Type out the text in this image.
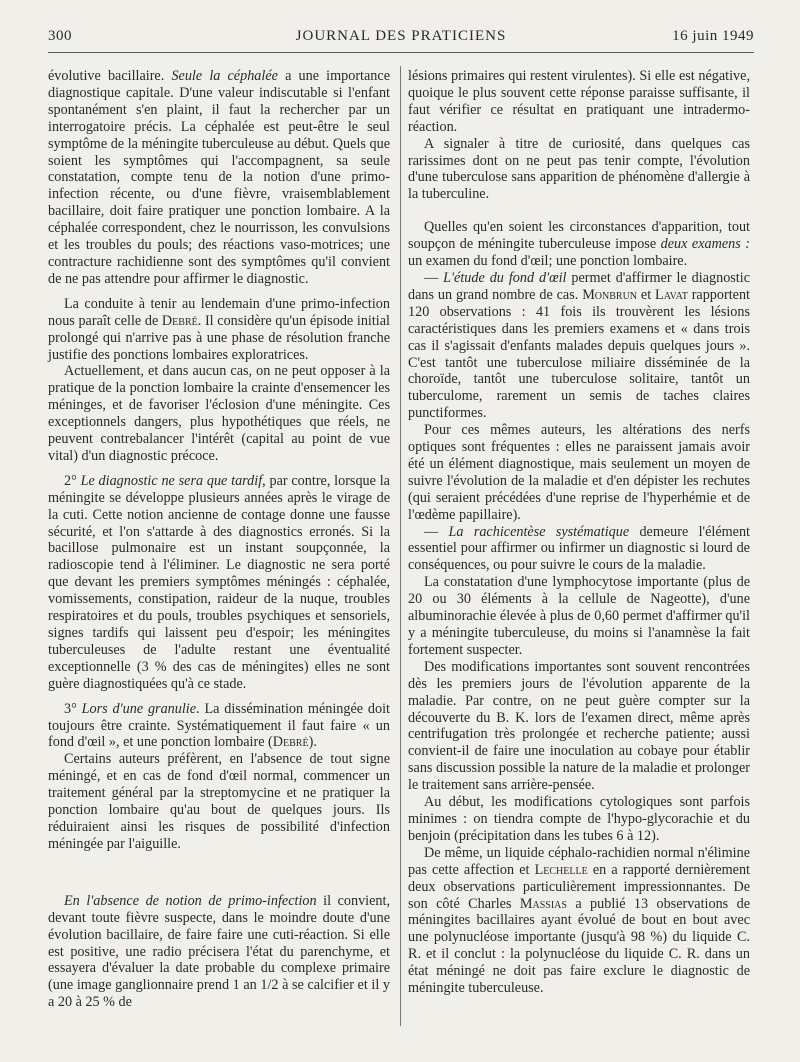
300	JOURNAL DES PRATICIENS	16 juin 1949

évolutive bacillaire. Seule la céphalée a une importance diagnostique capitale. D'une valeur indiscutable si l'enfant spontanément s'en plaint, il faut la rechercher par un interrogatoire précis. La céphalée est peut-être le seul symptôme de la méningite tuberculeuse au début. Quels que soient les symptômes qui l'accompagnent, sa seule constatation, compte tenu de la notion d'une primo-infection récente, ou d'une fièvre, vraisemblablement bacillaire, doit faire pratiquer une ponction lombaire. A la céphalée correspondent, chez le nourrisson, les convulsions et les troubles du pouls; des réactions vaso-motrices; une contracture rachidienne sont des symptômes qu'il convient de ne pas attendre pour affirmer le diagnostic.

La conduite à tenir au lendemain d'une primo-infection nous paraît celle de Debré. Il considère qu'un épisode initial prolongé qui n'arrive pas à une phase de résolution franche justifie des ponctions lombaires exploratrices.

Actuellement, et dans aucun cas, on ne peut opposer à la pratique de la ponction lombaire la crainte d'ensemencer les méninges, et de favoriser l'éclosion d'une méningite. Ces exceptionnels dangers, plus hypothétiques que réels, ne peuvent contrebalancer l'intérêt (capital au point de vue vital) d'un diagnostic précoce.

2° Le diagnostic ne sera que tardif, par contre, lorsque la méningite se développe plusieurs années après le virage de la cuti. Cette notion ancienne de contage donne une fausse sécurité, et l'on s'attarde à des diagnostics erronés. Si la bacillose pulmonaire est un instant soupçonnée, la radioscopie tend à l'éliminer. Le diagnostic ne sera porté que devant les premiers symptômes méningés : céphalée, vomissements, constipation, raideur de la nuque, troubles respiratoires et du pouls, troubles psychiques et sensoriels, signes tardifs qui laissent peu d'espoir; les méningites tuberculeuses de l'adulte restant une éventualité exceptionnelle (3 % des cas de méningites) elles ne sont guère diagnostiquées qu'à ce stade.

3° Lors d'une granulie. La dissémination méningée doit toujours être crainte. Systématiquement il faut faire « un fond d'œil », et une ponction lombaire (Debré).

Certains auteurs préfèrent, en l'absence de tout signe méningé, et en cas de fond d'œil normal, commencer un traitement général par la streptomycine et ne pratiquer la ponction lombaire qu'au bout de quelques jours. Ils réduiraient ainsi les risques de possibilité d'infection méningée par l'aiguille.

En l'absence de notion de primo-infection il convient, devant toute fièvre suspecte, dans le moindre doute d'une évolution bacillaire, de faire faire une cuti-réaction. Si elle est positive, une radio précisera l'état du parenchyme, et essayera d'évaluer la date probable du complexe primaire (une image ganglionnaire prend 1 an 1/2 à se calcifier et il y a 20 à 25 % de

lésions primaires qui restent virulentes). Si elle est négative, quoique le plus souvent cette réponse paraisse suffisante, il faut vérifier ce résultat en pratiquant une intradermo-réaction.

A signaler à titre de curiosité, dans quelques cas rarissimes dont on ne peut pas tenir compte, l'évolution d'une tuberculose sans apparition de phénomène d'allergie à la tuberculine.

Quelles qu'en soient les circonstances d'apparition, tout soupçon de méningite tuberculeuse impose deux examens : un examen du fond d'œil; une ponction lombaire.

— L'étude du fond d'œil permet d'affirmer le diagnostic dans un grand nombre de cas. Monbrun et Lavat rapportent 120 observations : 41 fois ils trouvèrent les lésions caractéristiques dans les premiers examens et « dans trois cas il s'agissait d'enfants malades depuis quelques jours ». C'est tantôt une tuberculose miliaire disséminée de la choroïde, tantôt une tuberculose solitaire, tantôt un tuberculome, rarement un semis de taches claires punctiformes.

Pour ces mêmes auteurs, les altérations des nerfs optiques sont fréquentes : elles ne paraissent jamais avoir été un élément diagnostique, mais seulement un moyen de suivre l'évolution de la maladie et d'en dépister les rechutes (qui seraient précédées d'une reprise de l'hyperhémie et de l'œdème papillaire).

— La rachicentèse systématique demeure l'élément essentiel pour affirmer ou infirmer un diagnostic si lourd de conséquences, ou pour suivre le cours de la maladie.

La constatation d'une lymphocytose importante (plus de 20 ou 30 éléments à la cellule de Nageotte), d'une albuminorachie élevée à plus de 0,60 permet d'affirmer qu'il y a méningite tuberculeuse, du moins si l'anamnèse la fait fortement suspecter.

Des modifications importantes sont souvent rencontrées dès les premiers jours de l'évolution apparente de la maladie. Par contre, on ne peut guère compter sur la découverte du B. K. lors de l'examen direct, même après centrifugation très prolongée et recherche patiente; aussi convient-il de faire une inoculation au cobaye pour établir sans discussion possible la nature de la maladie et prolonger le traitement sans arrière-pensée.

Au début, les modifications cytologiques sont parfois minimes : on tiendra compte de l'hypo-glycorachie et du benjoin (précipitation dans les tubes 6 à 12).

De même, un liquide céphalo-rachidien normal n'élimine pas cette affection et Lechelle en a rapporté dernièrement deux observations particulièrement impressionnantes. De son côté Charles Massias a publié 13 observations de méningites bacillaires ayant évolué de bout en bout avec une polynucléose importante (jusqu'à 98 %) du liquide C. R. et il conclut : la polynucléose du liquide C. R. dans un état méningé ne doit pas faire exclure le diagnostic de méningite tuberculeuse.
